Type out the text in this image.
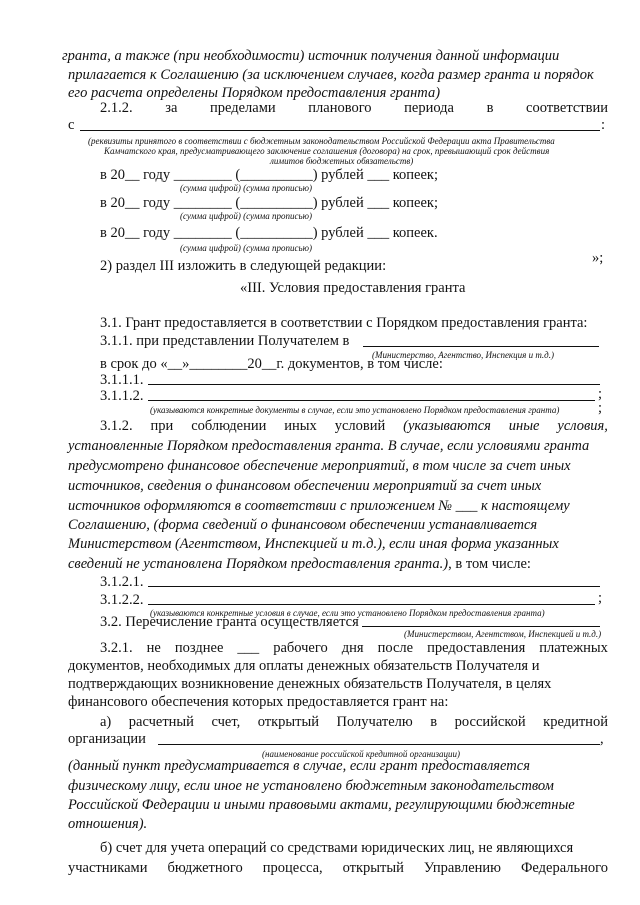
гранта, а также (при необходимости) источник получения данной информации
прилагается к Соглашению (за исключением случаев, когда размер гранта и порядок
его расчета определены Порядком предоставления гранта)
2.1.2. за пределами планового периода в соответствии
с	:
(реквизиты принятого в соответствии с бюджетным законодательством Российской Федерации акта Правительства
Камчатского края, предусматривающего заключение соглашения (договора) на срок, превышающий срок действия
лимитов бюджетных обязательств)
в 20__ году ________ (__________) рублей ___ копеек;
(сумма цифрой) (сумма прописью)
в 20__ году ________ (__________) рублей ___ копеек;
(сумма цифрой) (сумма прописью)
в 20__ году ________ (__________) рублей ___ копеек.
(сумма цифрой) (сумма прописью)
2) раздел III изложить в следующей редакции:	»;
«III. Условия предоставления гранта
3.1. Грант предоставляется в соответствии с Порядком предоставления гранта:
3.1.1. при представлении Получателем в
(Министерство, Агентство, Инспекция и т.д.)
в срок до «__»________20__г. документов, в том числе:
3.1.1.1.
3.1.1.2.	;
(указываются конкретные документы в случае, если это установлено Порядком предоставления гранта)	;
3.1.2. при соблюдении иных условий (указываются иные условия,
установленные Порядком предоставления гранта. В случае, если условиями гранта
предусмотрено финансовое обеспечение мероприятий, в том числе за счет иных
источников, сведения о финансовом обеспечении мероприятий за счет иных
источников оформляются в соответствии с приложением № ___ к настоящему
Соглашению, (форма сведений о финансовом обеспечении устанавливается
Министерством (Агентством, Инспекцией и т.д.), если иная форма указанных
сведений не установлена Порядком предоставления гранта.), в том числе:
3.1.2.1.
3.1.2.2.	;
(указываются конкретные условия в случае, если это установлено Порядком предоставления гранта)
3.2. Перечисление гранта осуществляется
(Министерством, Агентством, Инспекцией и т.д.)
3.2.1. не позднее ___ рабочего дня после предоставления платежных
документов, необходимых для оплаты денежных обязательств Получателя и
подтверждающих возникновение денежных обязательств Получателя, в целях
финансового обеспечения которых предоставляется грант на:
а) расчетный счет, открытый Получателю в российской кредитной
организации	,
(наименование российской кредитной организации)
(данный пункт предусматривается в случае, если грант предоставляется
физическому лицу, если иное не установлено бюджетным законодательством
Российской Федерации и иными правовыми актами, регулирующими бюджетные
отношения).
б) счет для учета операций со средствами юридических лиц, не являющихся
участниками бюджетного процесса, открытый Управлению Федерального
